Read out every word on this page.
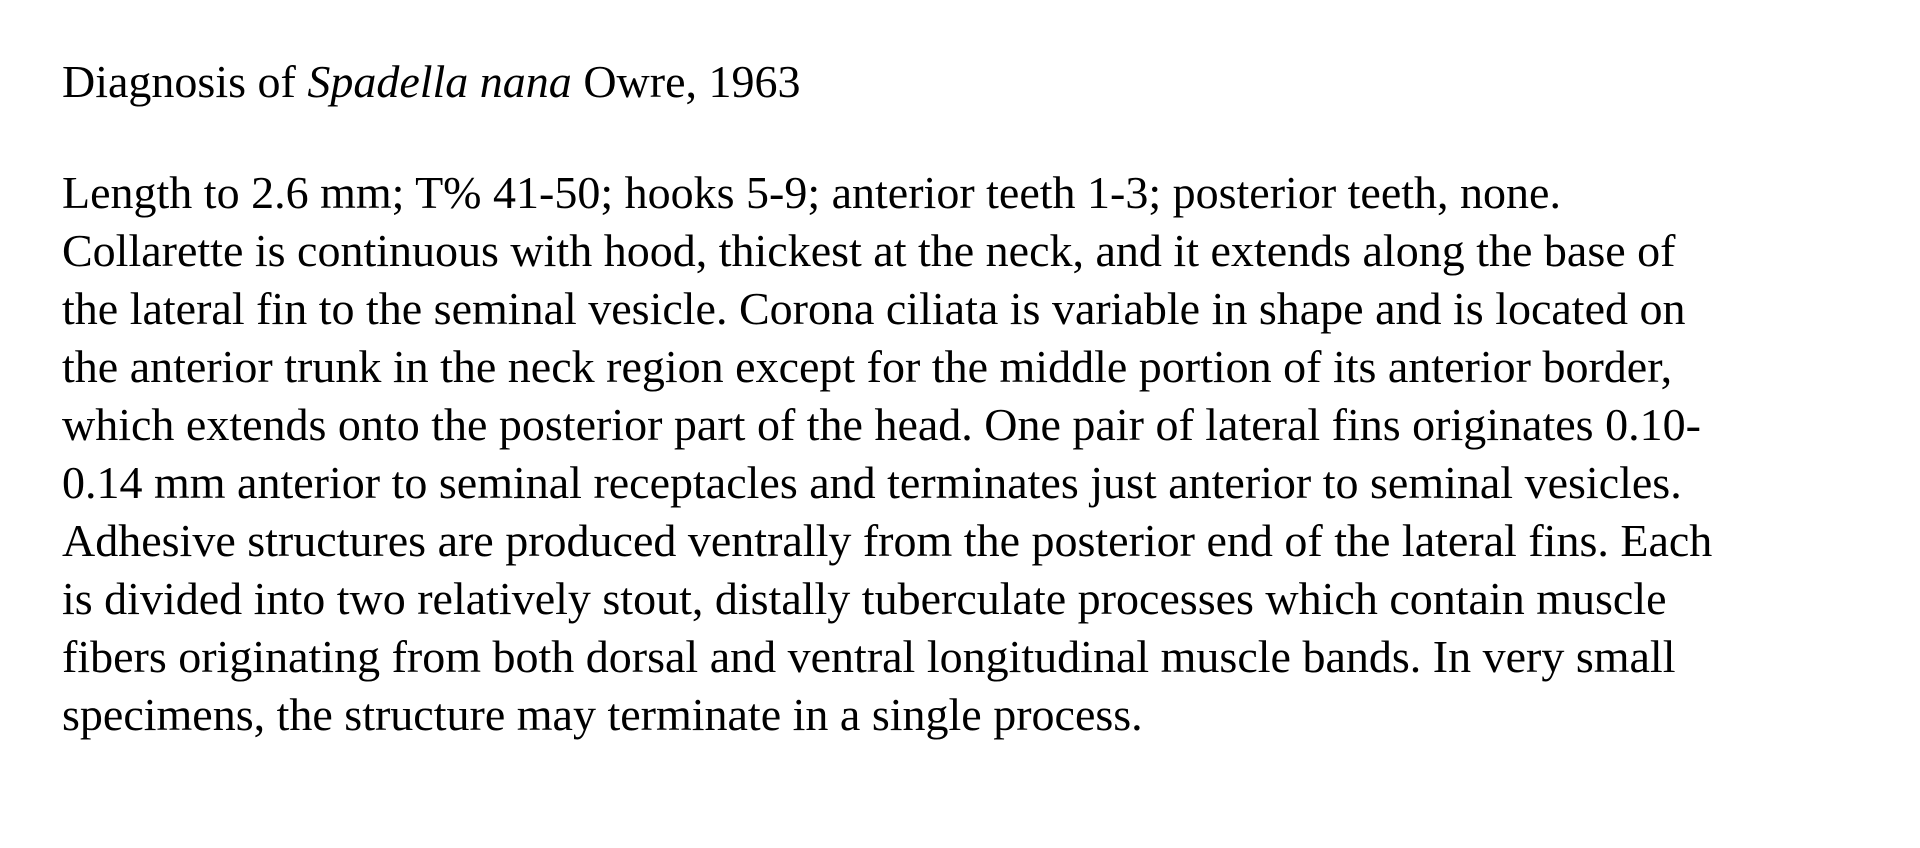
Diagnosis of Spadella nana Owre, 1963
Length to 2.6 mm; T% 41-50; hooks 5-9; anterior teeth 1-3; posterior teeth, none.
Collarette is continuous with hood, thickest at the neck, and it extends along the base of
the lateral fin to the seminal vesicle. Corona ciliata is variable in shape and is located on
the anterior trunk in the neck region except for the middle portion of its anterior border,
which extends onto the posterior part of the head. One pair of lateral fins originates 0.10-
0.14 mm anterior to seminal receptacles and terminates just anterior to seminal vesicles.
Adhesive structures are produced ventrally from the posterior end of the lateral fins. Each
is divided into two relatively stout, distally tuberculate processes which contain muscle
fibers originating from both dorsal and ventral longitudinal muscle bands. In very small
specimens, the structure may terminate in a single process.
